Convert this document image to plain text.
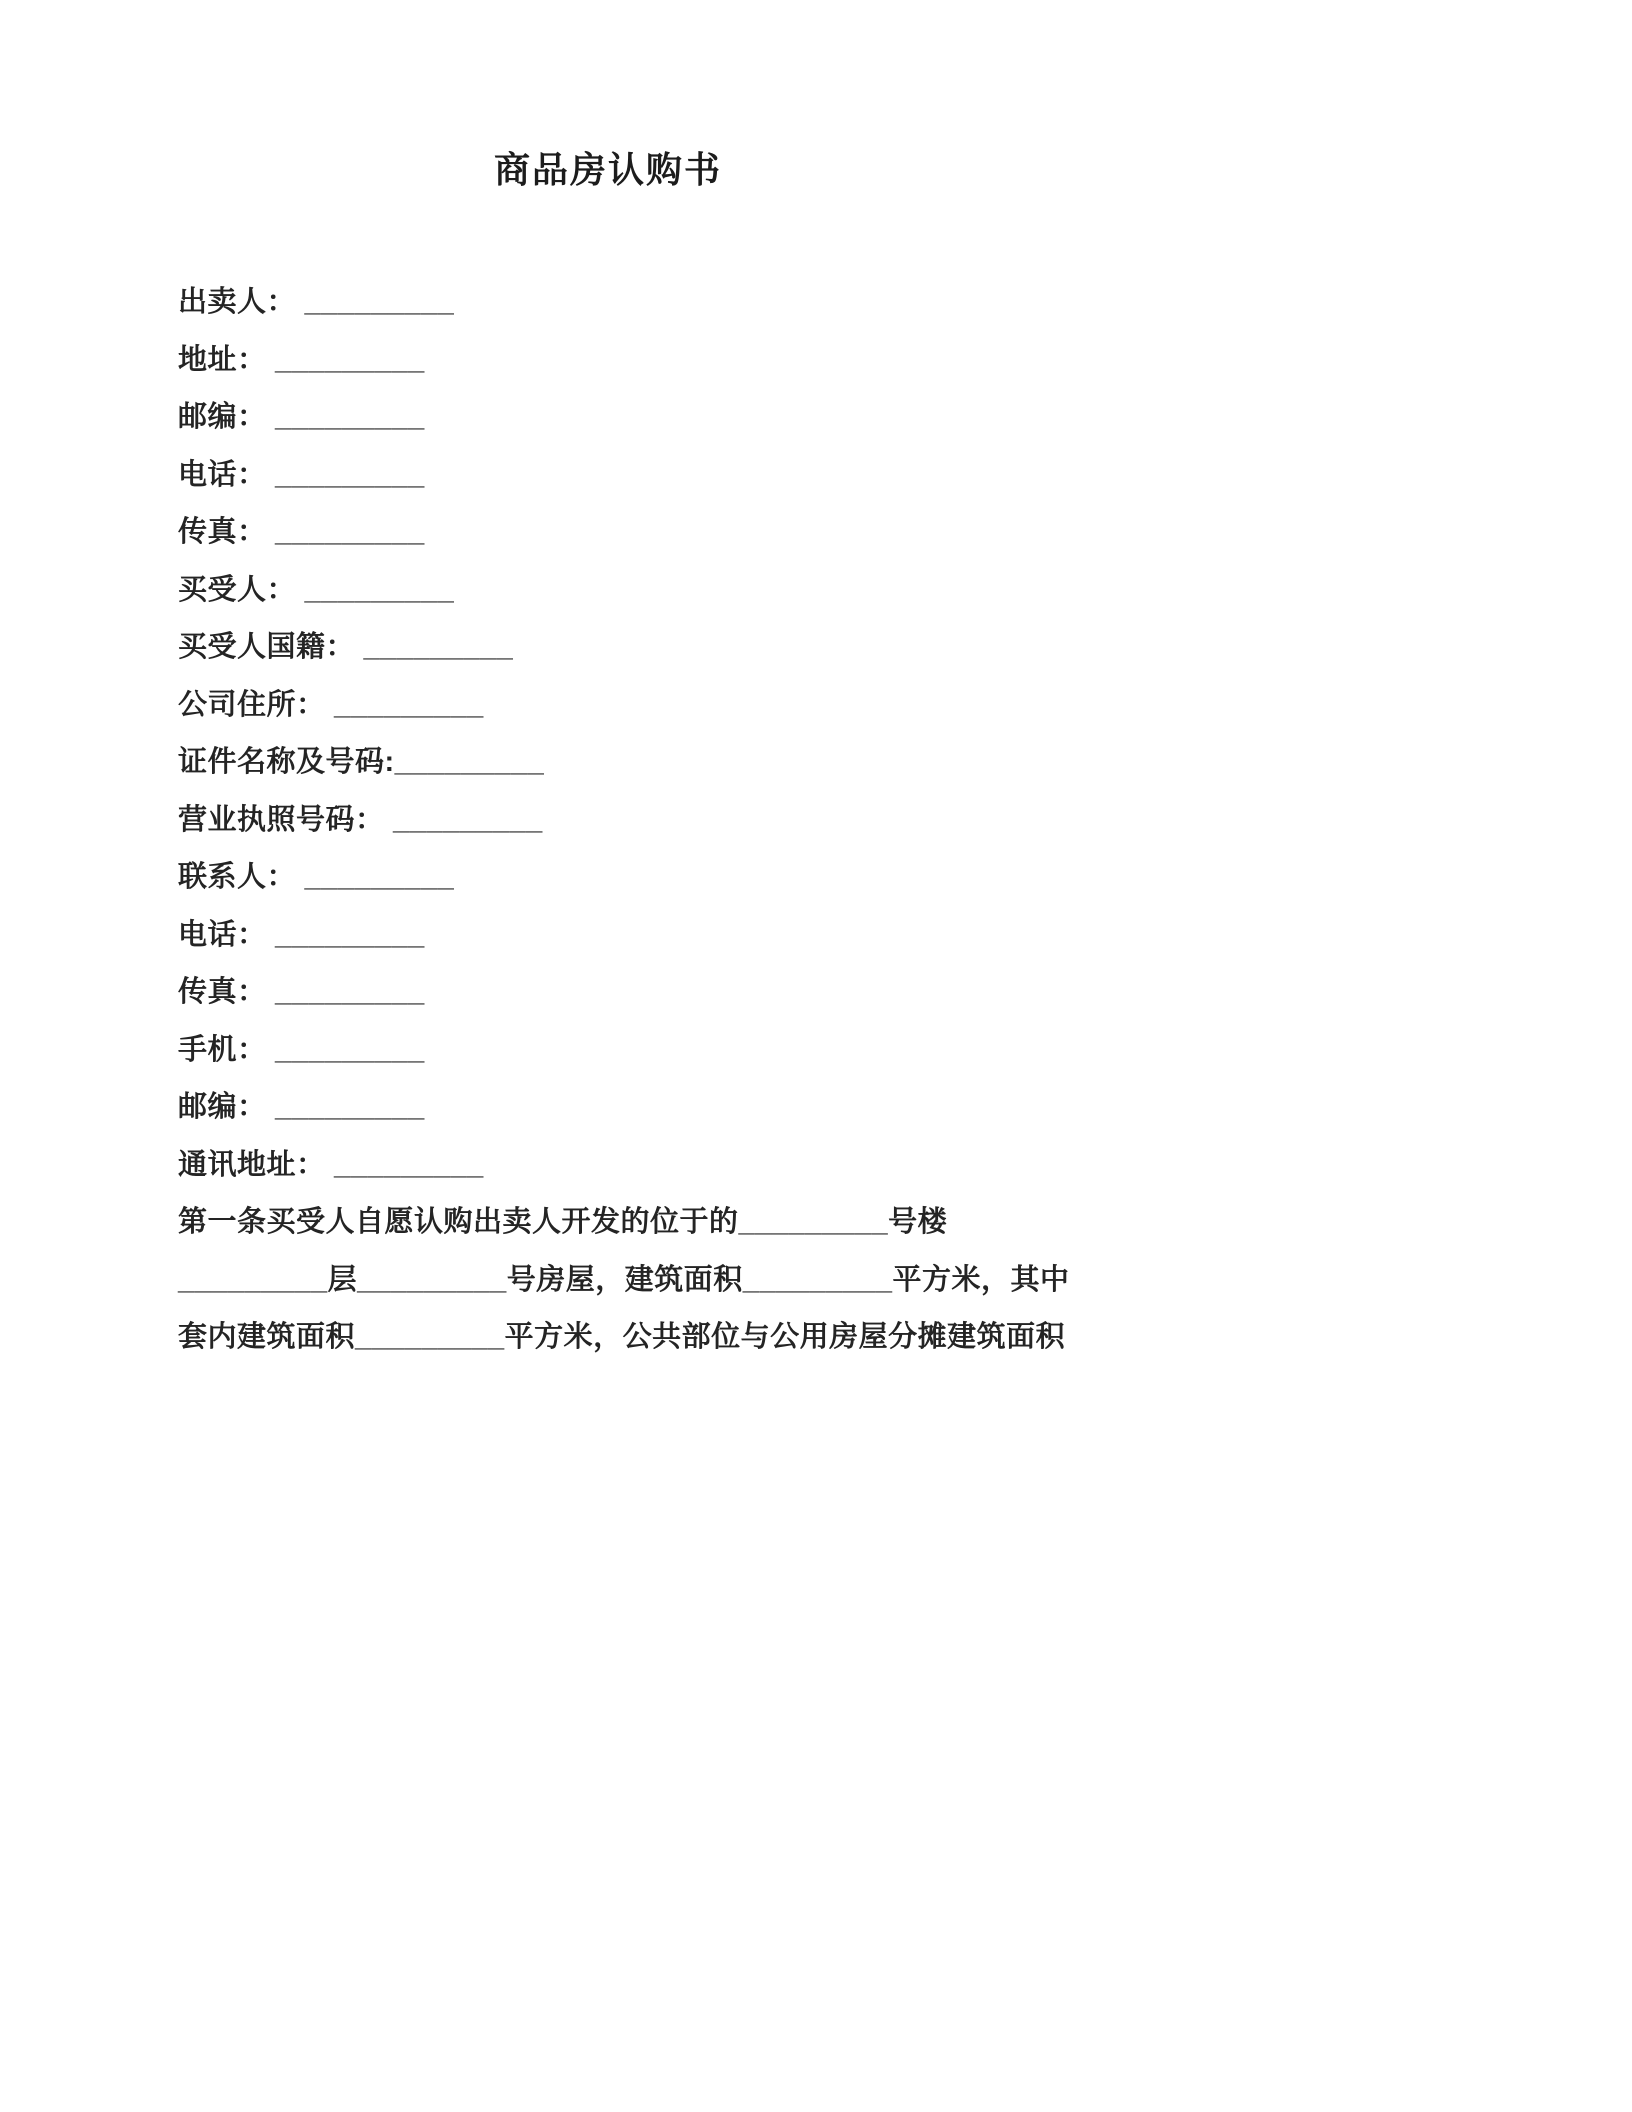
商品房认购书
出卖人： _________
地址： _________
邮编： _________
电话： _________
传真： _________
买受人： _________
买受人国籍： _________
公司住所： _________
证件名称及号码:_________
营业执照号码： _________
联系人： _________
电话： _________
传真： _________
手机： _________
邮编： _________
通讯地址： _________
第一条买受人自愿认购出卖人开发的位于的_________号楼
_________层_________号房屋，建筑面积_________平方米，其中
套内建筑面积_________平方米，公共部位与公用房屋分摊建筑面积
